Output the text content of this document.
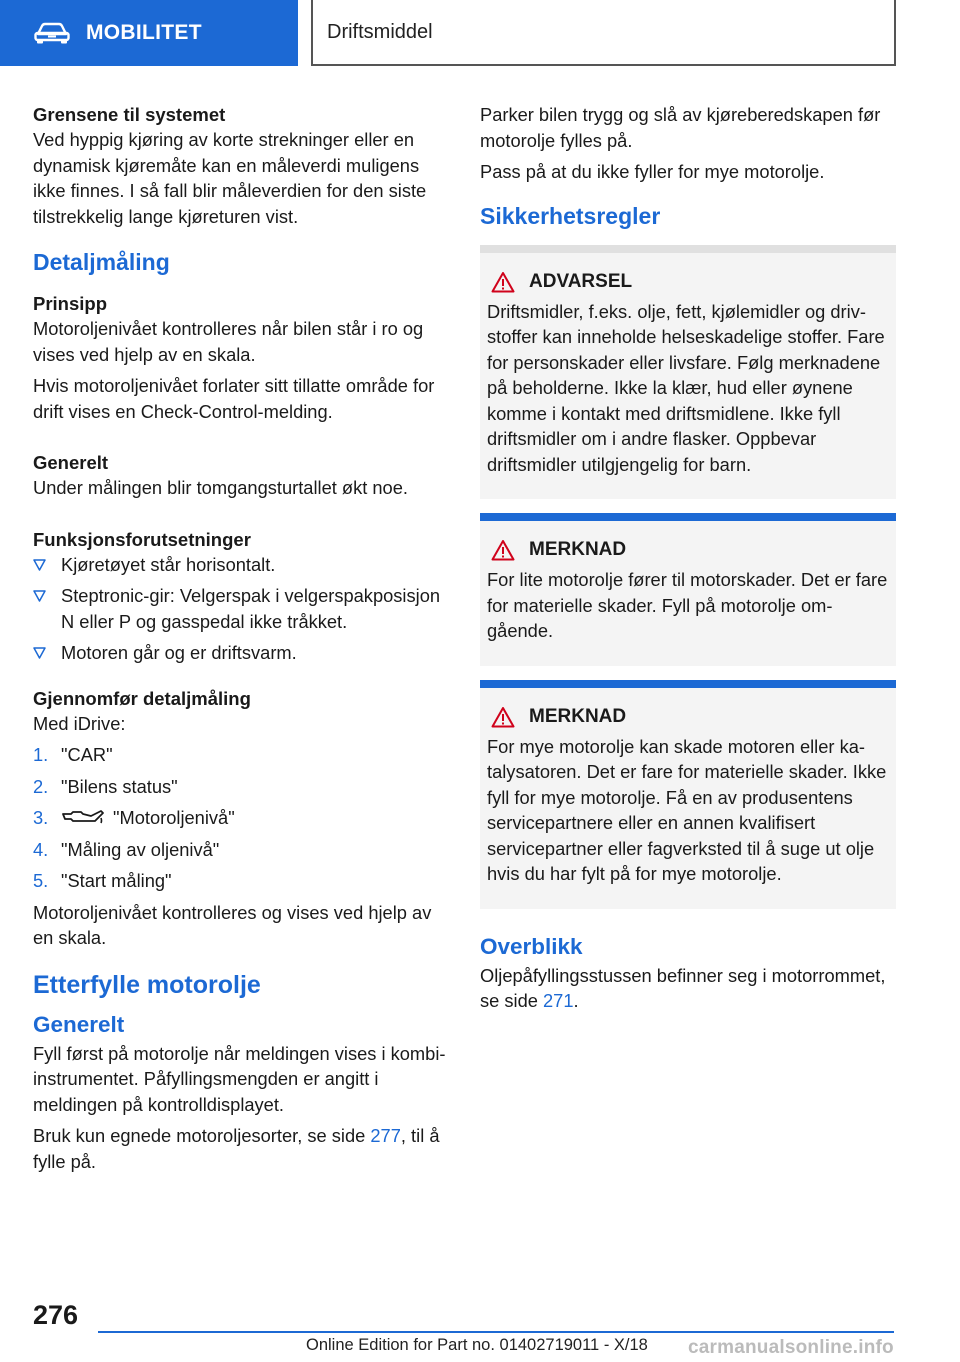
MOBILITET	Driftsmiddel
Grensene til systemet

Ved hyppig kjøring av korte strekninger eller en dynamisk kjøremåte kan en måleverdi muligens ikke finnes. I så fall blir måleverdien for den siste tilstrekkelig lange kjøreturen vist.

Detaljmåling
Prinsipp

Motoroljenivået kontrolleres når bilen står i ro og vises ved hjelp av en skala.

Hvis motoroljenivået forlater sitt tillatte område for drift vises en Check-Control-melding.

Generelt

Under målingen blir tomgangsturtallet økt noe.

Funksjonsforutsetninger
Kjøretøyet står horisontalt.
Steptronic-gir: Velgerspak i velgerspakposisjon N eller P og gasspedal ikke tråkket.
Motoren går og er driftsvarm.
Gjennomfør detaljmåling

Med iDrive:

1. "CAR"
2. "Bilens status"
3.	"Motoroljenivå"
4. "Måling av oljenivå"
5. "Start måling"

Motoroljenivået kontrolleres og vises ved hjelp av en skala.

Etterfylle motorolje
Generelt

Fyll først på motorolje når meldingen vises i kombi-instrumentet. Påfyllingsmengden er angitt i meldingen på kontrolldisplayet.

Bruk kun egnede motoroljesorter, se side 277, til å fylle på.

Parker bilen trygg og slå av kjøreberedskapen før motorolje fylles på.

Pass på at du ikke fyller for mye motorolje.

Sikkerhetsregler
ADVARSEL

Driftsmidler, f.eks. olje, fett, kjølemidler og drivstoffer kan inneholde helseskadelige stoffer. Fare for personskader eller livsfare. Følg merknadene på beholderne. Ikke la klær, hud eller øynene komme i kontakt med driftsmidlene. Ikke fyll driftsmidler om i andre flasker. Oppbevar driftsmidler utilgjengelig for barn.

MERKNAD

For lite motorolje fører til motorskader. Det er fare for materielle skader. Fyll på motorolje omgående.

MERKNAD

For mye motorolje kan skade motoren eller katalysatoren. Det er fare for materielle skader. Ikke fyll for mye motorolje. Få en av produsentens servicepartnere eller en annen kvalifisert servicepartner eller fagverksted til å suge ut olje hvis du har fylt på for mye motorolje.

Overblikk

Oljepåfyllingsstussen befinner seg i motorrommet, se side 271.

276
Online Edition for Part no. 01402719011 - X/18 carmanualsonline.info
